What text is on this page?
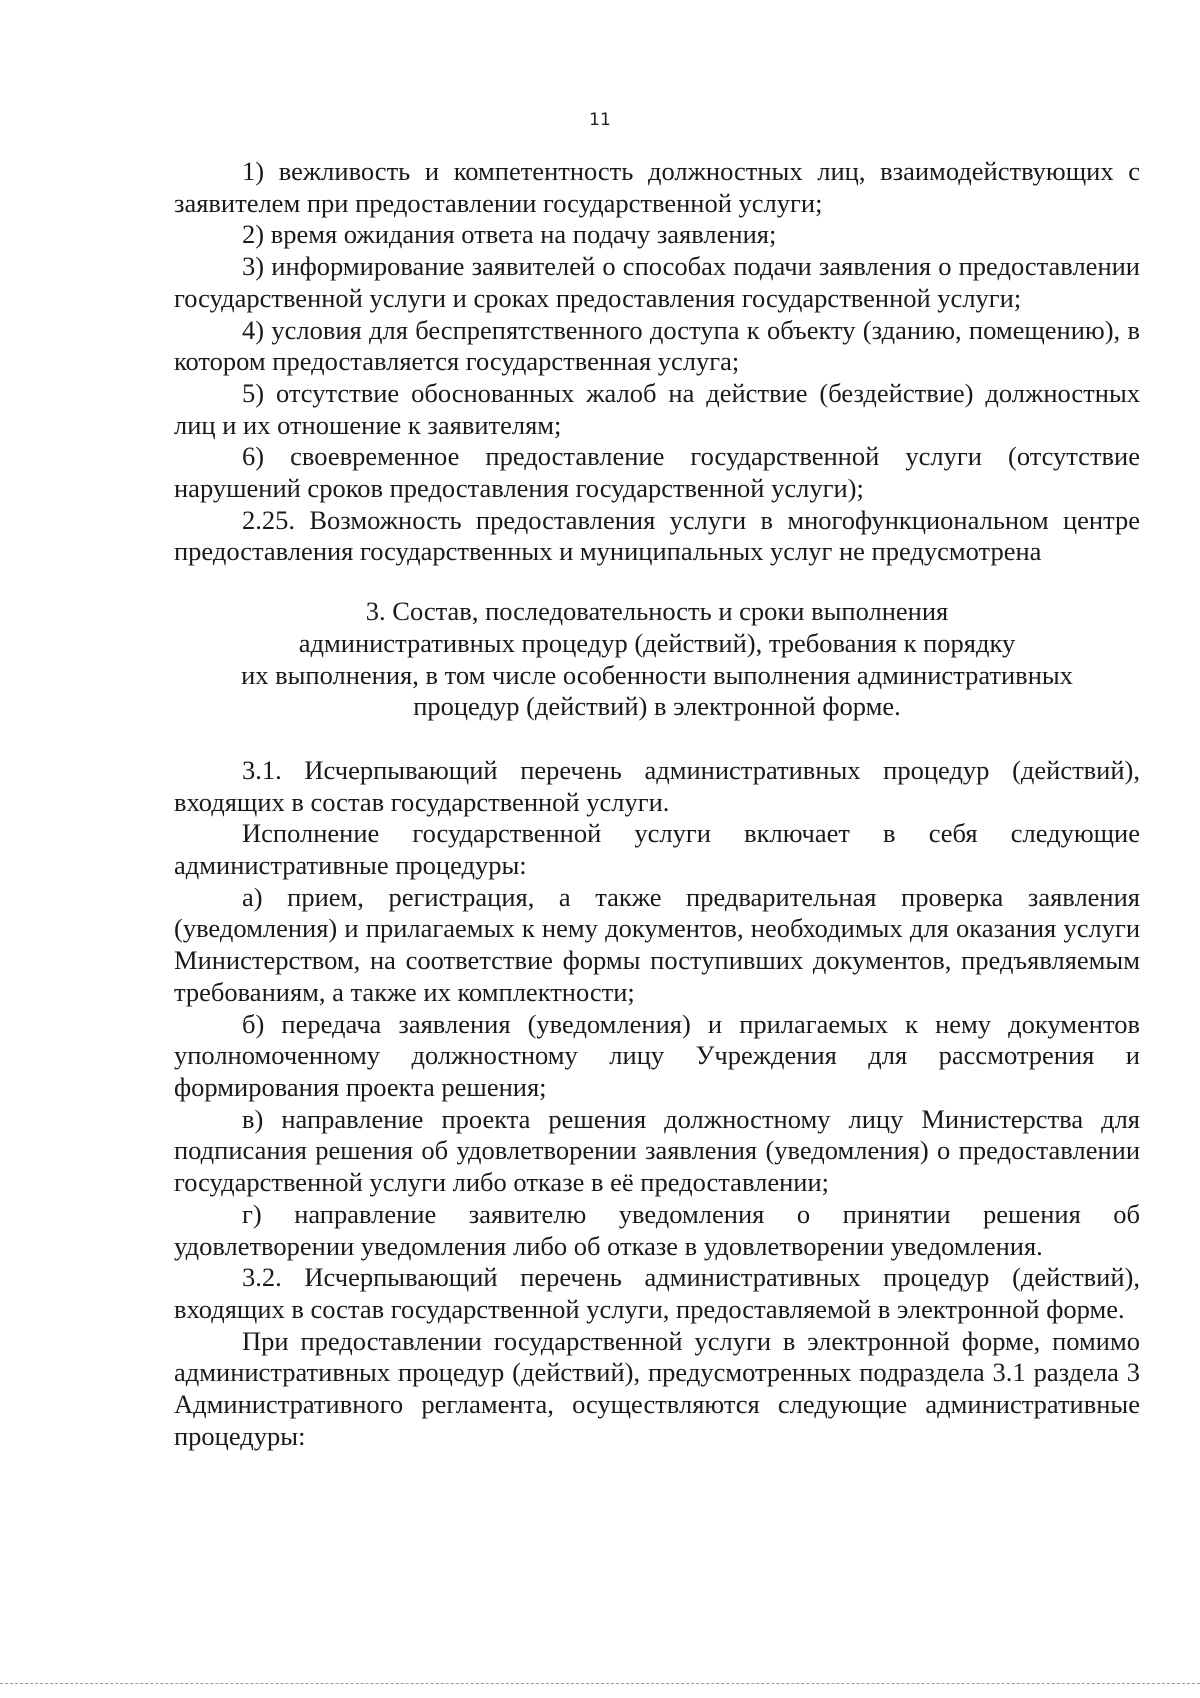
11

1) вежливость и компетентность должностных лиц, взаимодействующих с заявителем при предоставлении государственной услуги;

2) время ожидания ответа на подачу заявления;

3) информирование заявителей о способах подачи заявления о предоставлении государственной услуги и сроках предоставления государственной услуги;

4) условия для беспрепятственного доступа к объекту (зданию, помещению), в котором предоставляется государственная услуга;

5) отсутствие обоснованных жалоб на действие (бездействие) должностных лиц и их отношение к заявителям;

6) своевременное предоставление государственной услуги (отсутствие нарушений сроков предоставления государственной услуги);

2.25. Возможность предоставления услуги в многофункциональном центре предоставления государственных и муниципальных услуг не предусмотрена

3. Состав, последовательность и сроки выполнения
административных процедур (действий), требования к порядку
их выполнения, в том числе особенности выполнения административных
процедур (действий) в электронной форме.

3.1. Исчерпывающий перечень административных процедур (действий), входящих в состав государственной услуги.

Исполнение государственной услуги включает в себя следующие административные процедуры:

а) прием, регистрация, а также предварительная проверка заявления (уведомления) и прилагаемых к нему документов, необходимых для оказания услуги Министерством, на соответствие формы поступивших документов, предъявляемым требованиям, а также их комплектности;

б) передача заявления (уведомления) и прилагаемых к нему документов уполномоченному должностному лицу Учреждения для рассмотрения и формирования проекта решения;

в) направление проекта решения должностному лицу Министерства для подписания решения об удовлетворении заявления (уведомления) о предоставлении государственной услуги либо отказе в её предоставлении;

г) направление заявителю уведомления о принятии решения об удовлетворении уведомления либо об отказе в удовлетворении уведомления.

3.2. Исчерпывающий перечень административных процедур (действий), входящих в состав государственной услуги, предоставляемой в электронной форме.

При предоставлении государственной услуги в электронной форме, помимо административных процедур (действий), предусмотренных подраздела 3.1 раздела 3 Административного регламента, осуществляются следующие административные процедуры:
